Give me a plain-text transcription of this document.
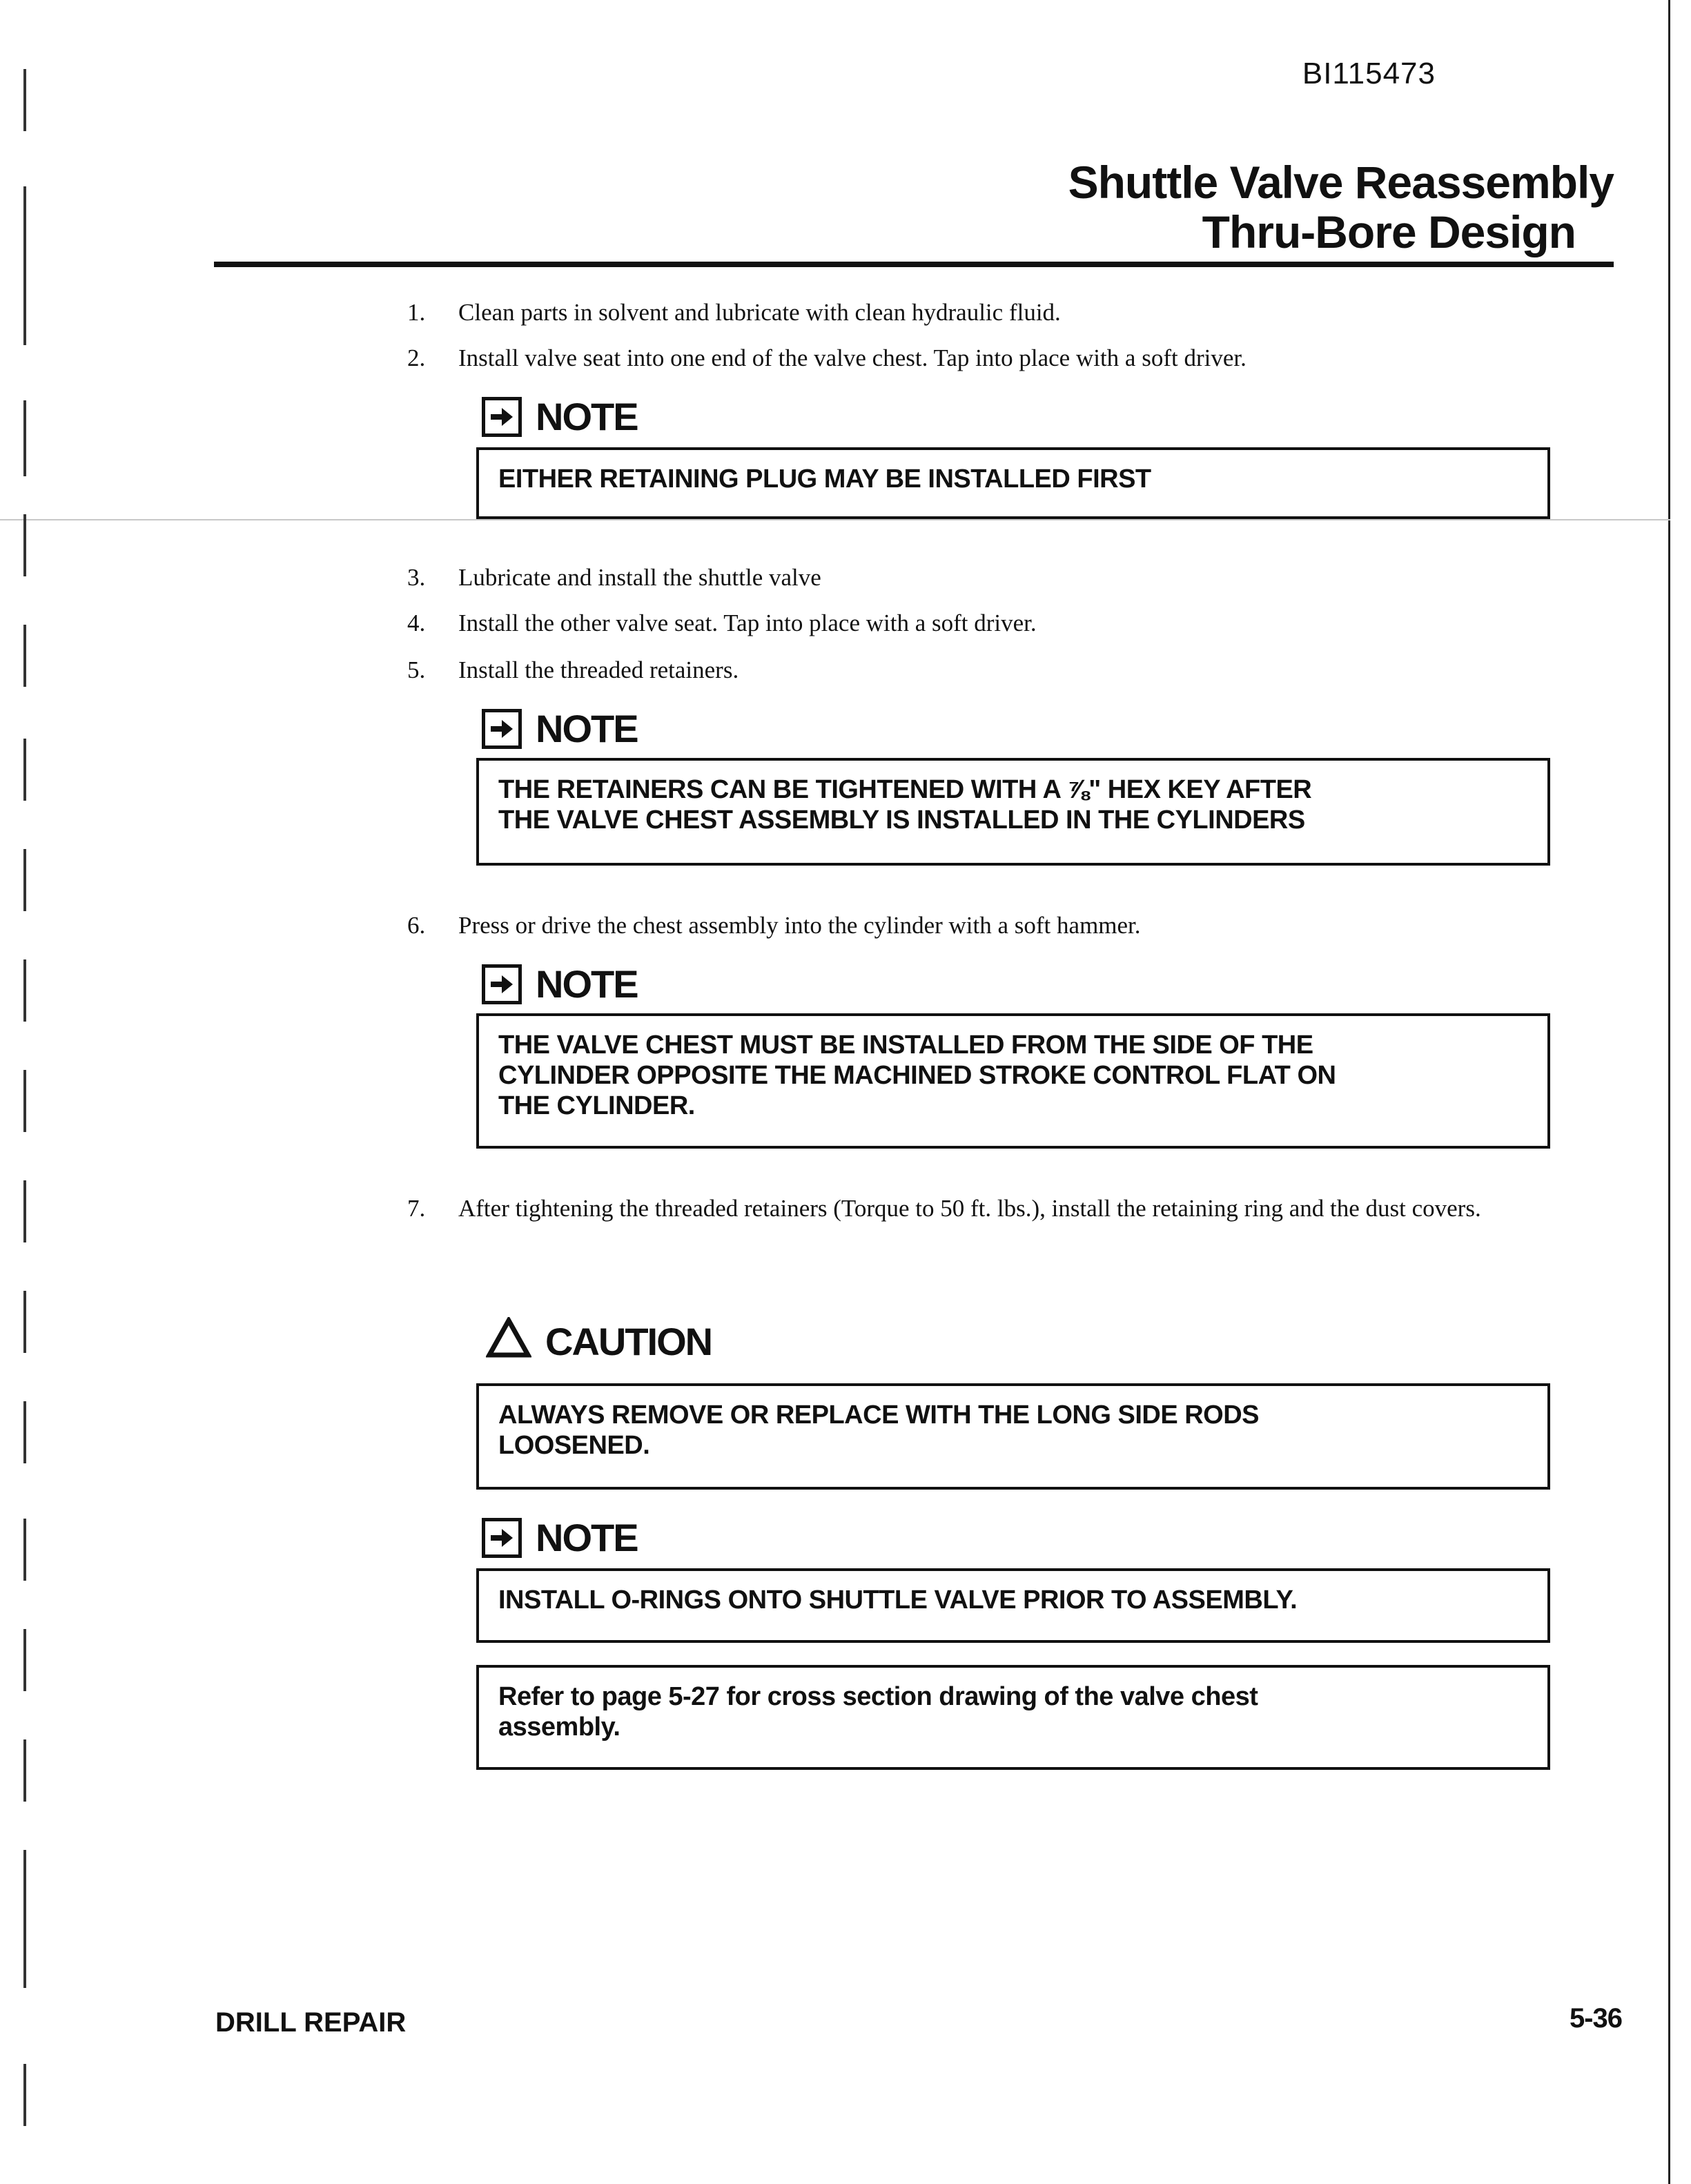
BI115473
Shuttle Valve Reassembly

Thru-Bore Design
1. Clean parts in solvent and lubricate with clean hydraulic fluid.
2. Install valve seat into one end of the valve chest. Tap into place with a soft driver.
NOTE
EITHER RETAINING PLUG MAY BE INSTALLED FIRST
3. Lubricate and install the shuttle valve
4. Install the other valve seat. Tap into place with a soft driver.
5. Install the threaded retainers.
NOTE
THE RETAINERS CAN BE TIGHTENED WITH A ⅞" HEX KEY AFTER
THE VALVE CHEST ASSEMBLY IS INSTALLED IN THE CYLINDERS
6. Press or drive the chest assembly into the cylinder with a soft hammer.
NOTE
THE VALVE CHEST MUST BE INSTALLED FROM THE SIDE OF THE
CYLINDER OPPOSITE THE MACHINED STROKE CONTROL FLAT ON
THE CYLINDER.
7. After tightening the threaded retainers (Torque to 50 ft. lbs.), install the retaining ring and the dust covers.
CAUTION
ALWAYS REMOVE OR REPLACE WITH THE LONG SIDE RODS
LOOSENED.
NOTE
INSTALL O-RINGS ONTO SHUTTLE VALVE PRIOR TO ASSEMBLY.
Refer to page 5-27 for cross section drawing of the valve chest
assembly.
DRILL REPAIR	5-36
